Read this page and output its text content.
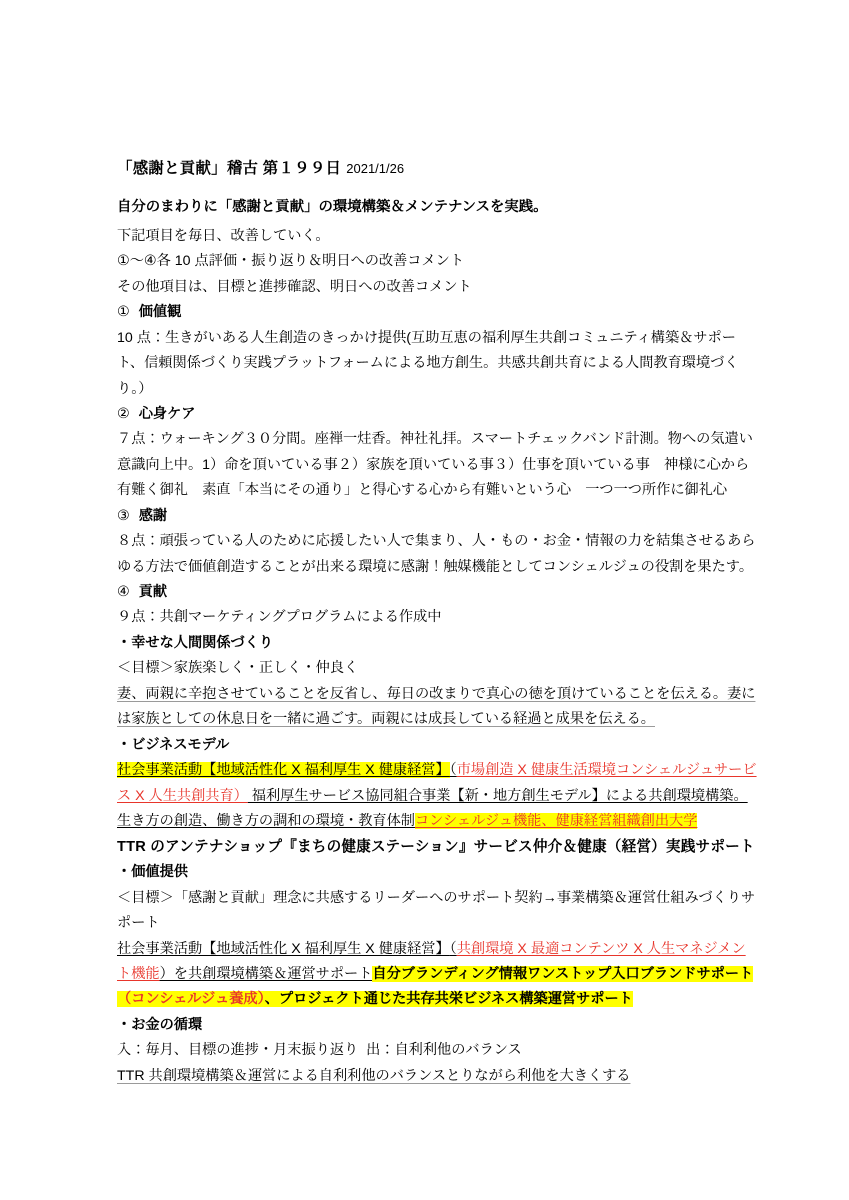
「感謝と貢献」稽古 第１９９日 2021/1/26
自分のまわりに「感謝と貢献」の環境構築＆メンテナンスを実践。
下記項目を毎日、改善していく。
①～④各 10 点評価・振り返り＆明日への改善コメント
その他項目は、目標と進捗確認、明日への改善コメント
① 価値観
10 点：生きがいある人生創造のきっかけ提供(互助互恵の福利厚生共創コミュニティ構築＆サポート、信頼関係づくり実践プラットフォームによる地方創生。共感共創共育による人間教育環境づくり。）
② 心身ケア
７点：ウォーキング３０分間。座禅一炷香。神社礼拝。スマートチェックバンド計測。物への気遣い意識向上中。1）命を頂いている事２）家族を頂いている事３）仕事を頂いている事　神様に心から有難く御礼　素直「本当にその通り」と得心する心から有難いという心　一つ一つ所作に御礼心
③ 感謝
８点：頑張っている人のために応援したい人で集まり、人・もの・お金・情報の力を結集させるあらゆる方法で価値創造することが出来る環境に感謝！触媒機能としてコンシェルジュの役割を果たす。
④ 貢献
９点：共創マーケティングプログラムによる作成中
・幸せな人間関係づくり
＜目標＞家族楽しく・正しく・仲良く
妻、両親に辛抱させていることを反省し、毎日の改まりで真心の徳を頂けていることを伝える。妻には家族としての休息日を一緒に過ごす。両親には成長している経過と成果を伝える。
・ビジネスモデル
社会事業活動【地域活性化 X 福利厚生 X 健康経営】（市場創造 X 健康生活環境コンシェルジュサービス X 人生共創共育） 福利厚生サービス協同組合事業【新・地方創生モデル】による共創環境構築。生き方の創造、働き方の調和の環境・教育体制コンシェルジュ機能、健康経営組織創出大学
TTR のアンテナショップ『まちの健康ステーション』サービス仲介＆健康（経営）実践サポート
・価値提供
＜目標＞「感謝と貢献」理念に共感するリーダーへのサポート契約→事業構築＆運営仕組みづくりサポート
社会事業活動【地域活性化 X 福利厚生 X 健康経営】（共創環境 X 最適コンテンツ X 人生マネジメント機能）を共創環境構築＆運営サポート自分ブランディング情報ワンストップ入口ブランドサポート（コンシェルジュ養成）、プロジェクト通じた共存共栄ビジネス構築運営サポート
・お金の循環
入：毎月、目標の進捗・月末振り返り  出：自利利他のバランス
TTR 共創環境構築＆運営による自利利他のバランスとりながら利他を大きくする
